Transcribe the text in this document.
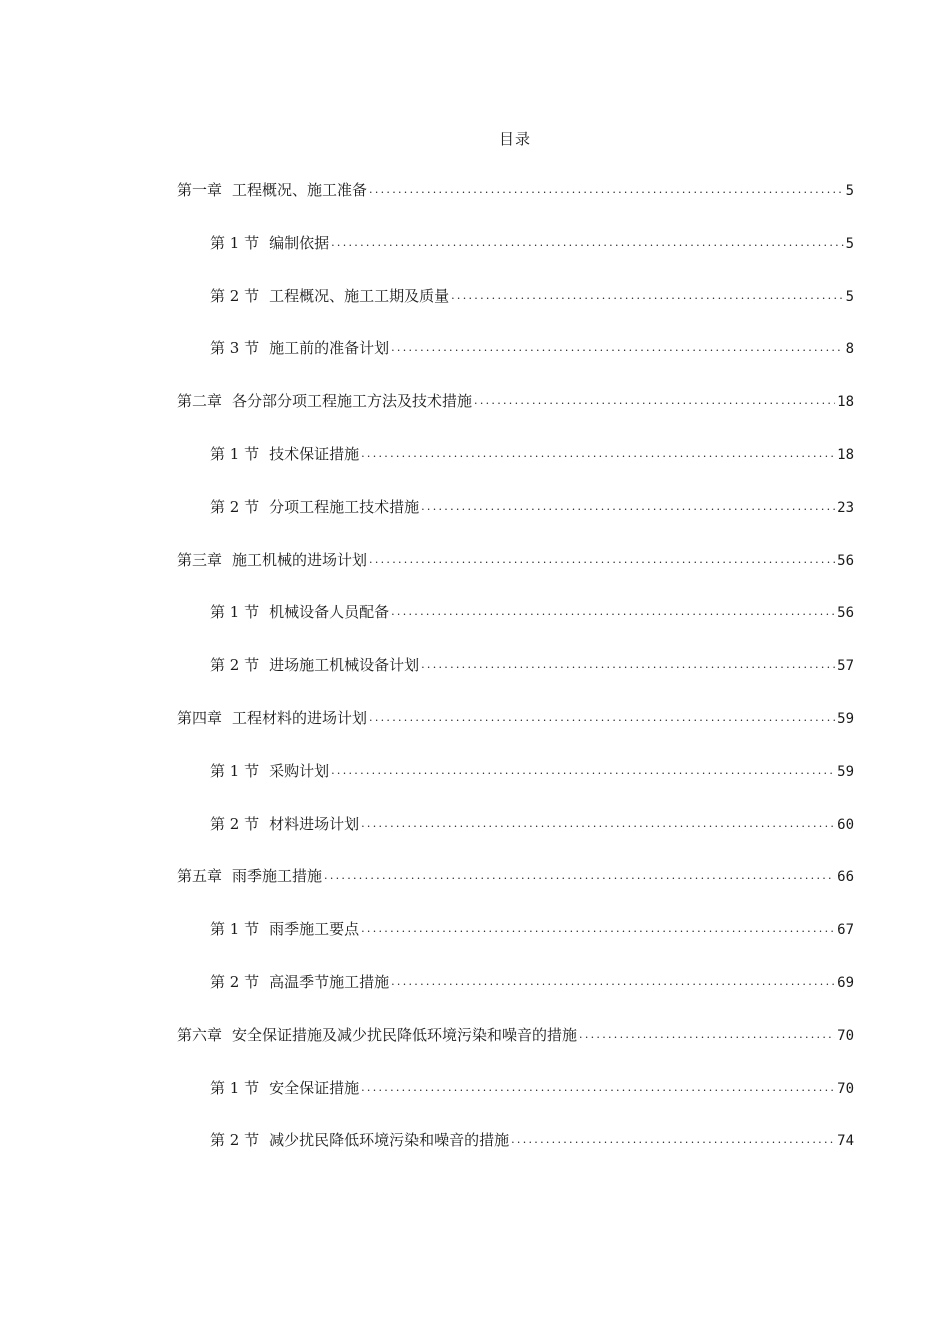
目录
第一章 工程概况、施工准备 . . .	5
第 1 节 编制依据 . . .	5
第 2 节 工程概况、施工工期及质量 . . .	5
第 3 节 施工前的准备计划 . . .	8
第二章 各分部分项工程施工方法及技术措施 . . .	18
第 1 节 技术保证措施 . . .	18
第 2 节 分项工程施工技术措施 . . .	23
第三章 施工机械的进场计划 . . .	56
第 1 节 机械设备人员配备 . . .	56
第 2 节 进场施工机械设备计划 . . .	57
第四章 工程材料的进场计划 . . .	59
第 1 节 采购计划 . . .	59
第 2 节 材料进场计划 . . .	60
第五章 雨季施工措施 . . .	66
第 1 节 雨季施工要点 . . .	67
第 2 节 高温季节施工措施 . . .	69
第六章 安全保证措施及减少扰民降低环境污染和噪音的措施 . . .	70
第 1 节 安全保证措施 . . .	70
第 2 节 减少扰民降低环境污染和噪音的措施 . . .	74
